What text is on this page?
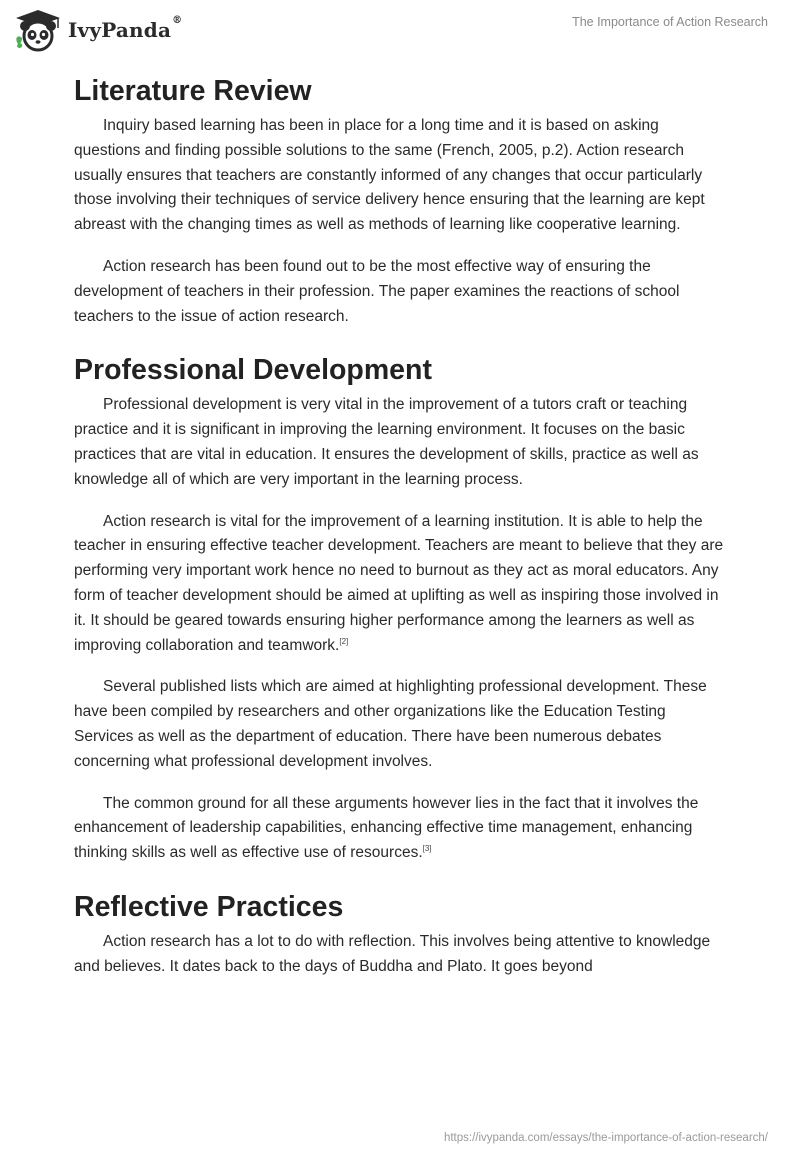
IvyPanda®	The Importance of Action Research
Literature Review

Inquiry based learning has been in place for a long time and it is based on asking questions and finding possible solutions to the same (French, 2005, p.2). Action research usually ensures that teachers are constantly informed of any changes that occur particularly those involving their techniques of service delivery hence ensuring that the learning are kept abreast with the changing times as well as methods of learning like cooperative learning.

Action research has been found out to be the most effective way of ensuring the development of teachers in their profession. The paper examines the reactions of school teachers to the issue of action research.

Professional Development

Professional development is very vital in the improvement of a tutors craft or teaching practice and it is significant in improving the learning environment. It focuses on the basic practices that are vital in education. It ensures the development of skills, practice as well as knowledge all of which are very important in the learning process.

Action research is vital for the improvement of a learning institution. It is able to help the teacher in ensuring effective teacher development. Teachers are meant to believe that they are performing very important work hence no need to burnout as they act as moral educators. Any form of teacher development should be aimed at uplifting as well as inspiring those involved in it. It should be geared towards ensuring higher performance among the learners as well as improving collaboration and teamwork.[2]

Several published lists which are aimed at highlighting professional development. These have been compiled by researchers and other organizations like the Education Testing Services as well as the department of education. There have been numerous debates concerning what professional development involves.

The common ground for all these arguments however lies in the fact that it involves the enhancement of leadership capabilities, enhancing effective time management, enhancing thinking skills as well as effective use of resources.[3]

Reflective Practices

Action research has a lot to do with reflection. This involves being attentive to knowledge and believes. It dates back to the days of Buddha and Plato. It goes beyond

https://ivypanda.com/essays/the-importance-of-action-research/
